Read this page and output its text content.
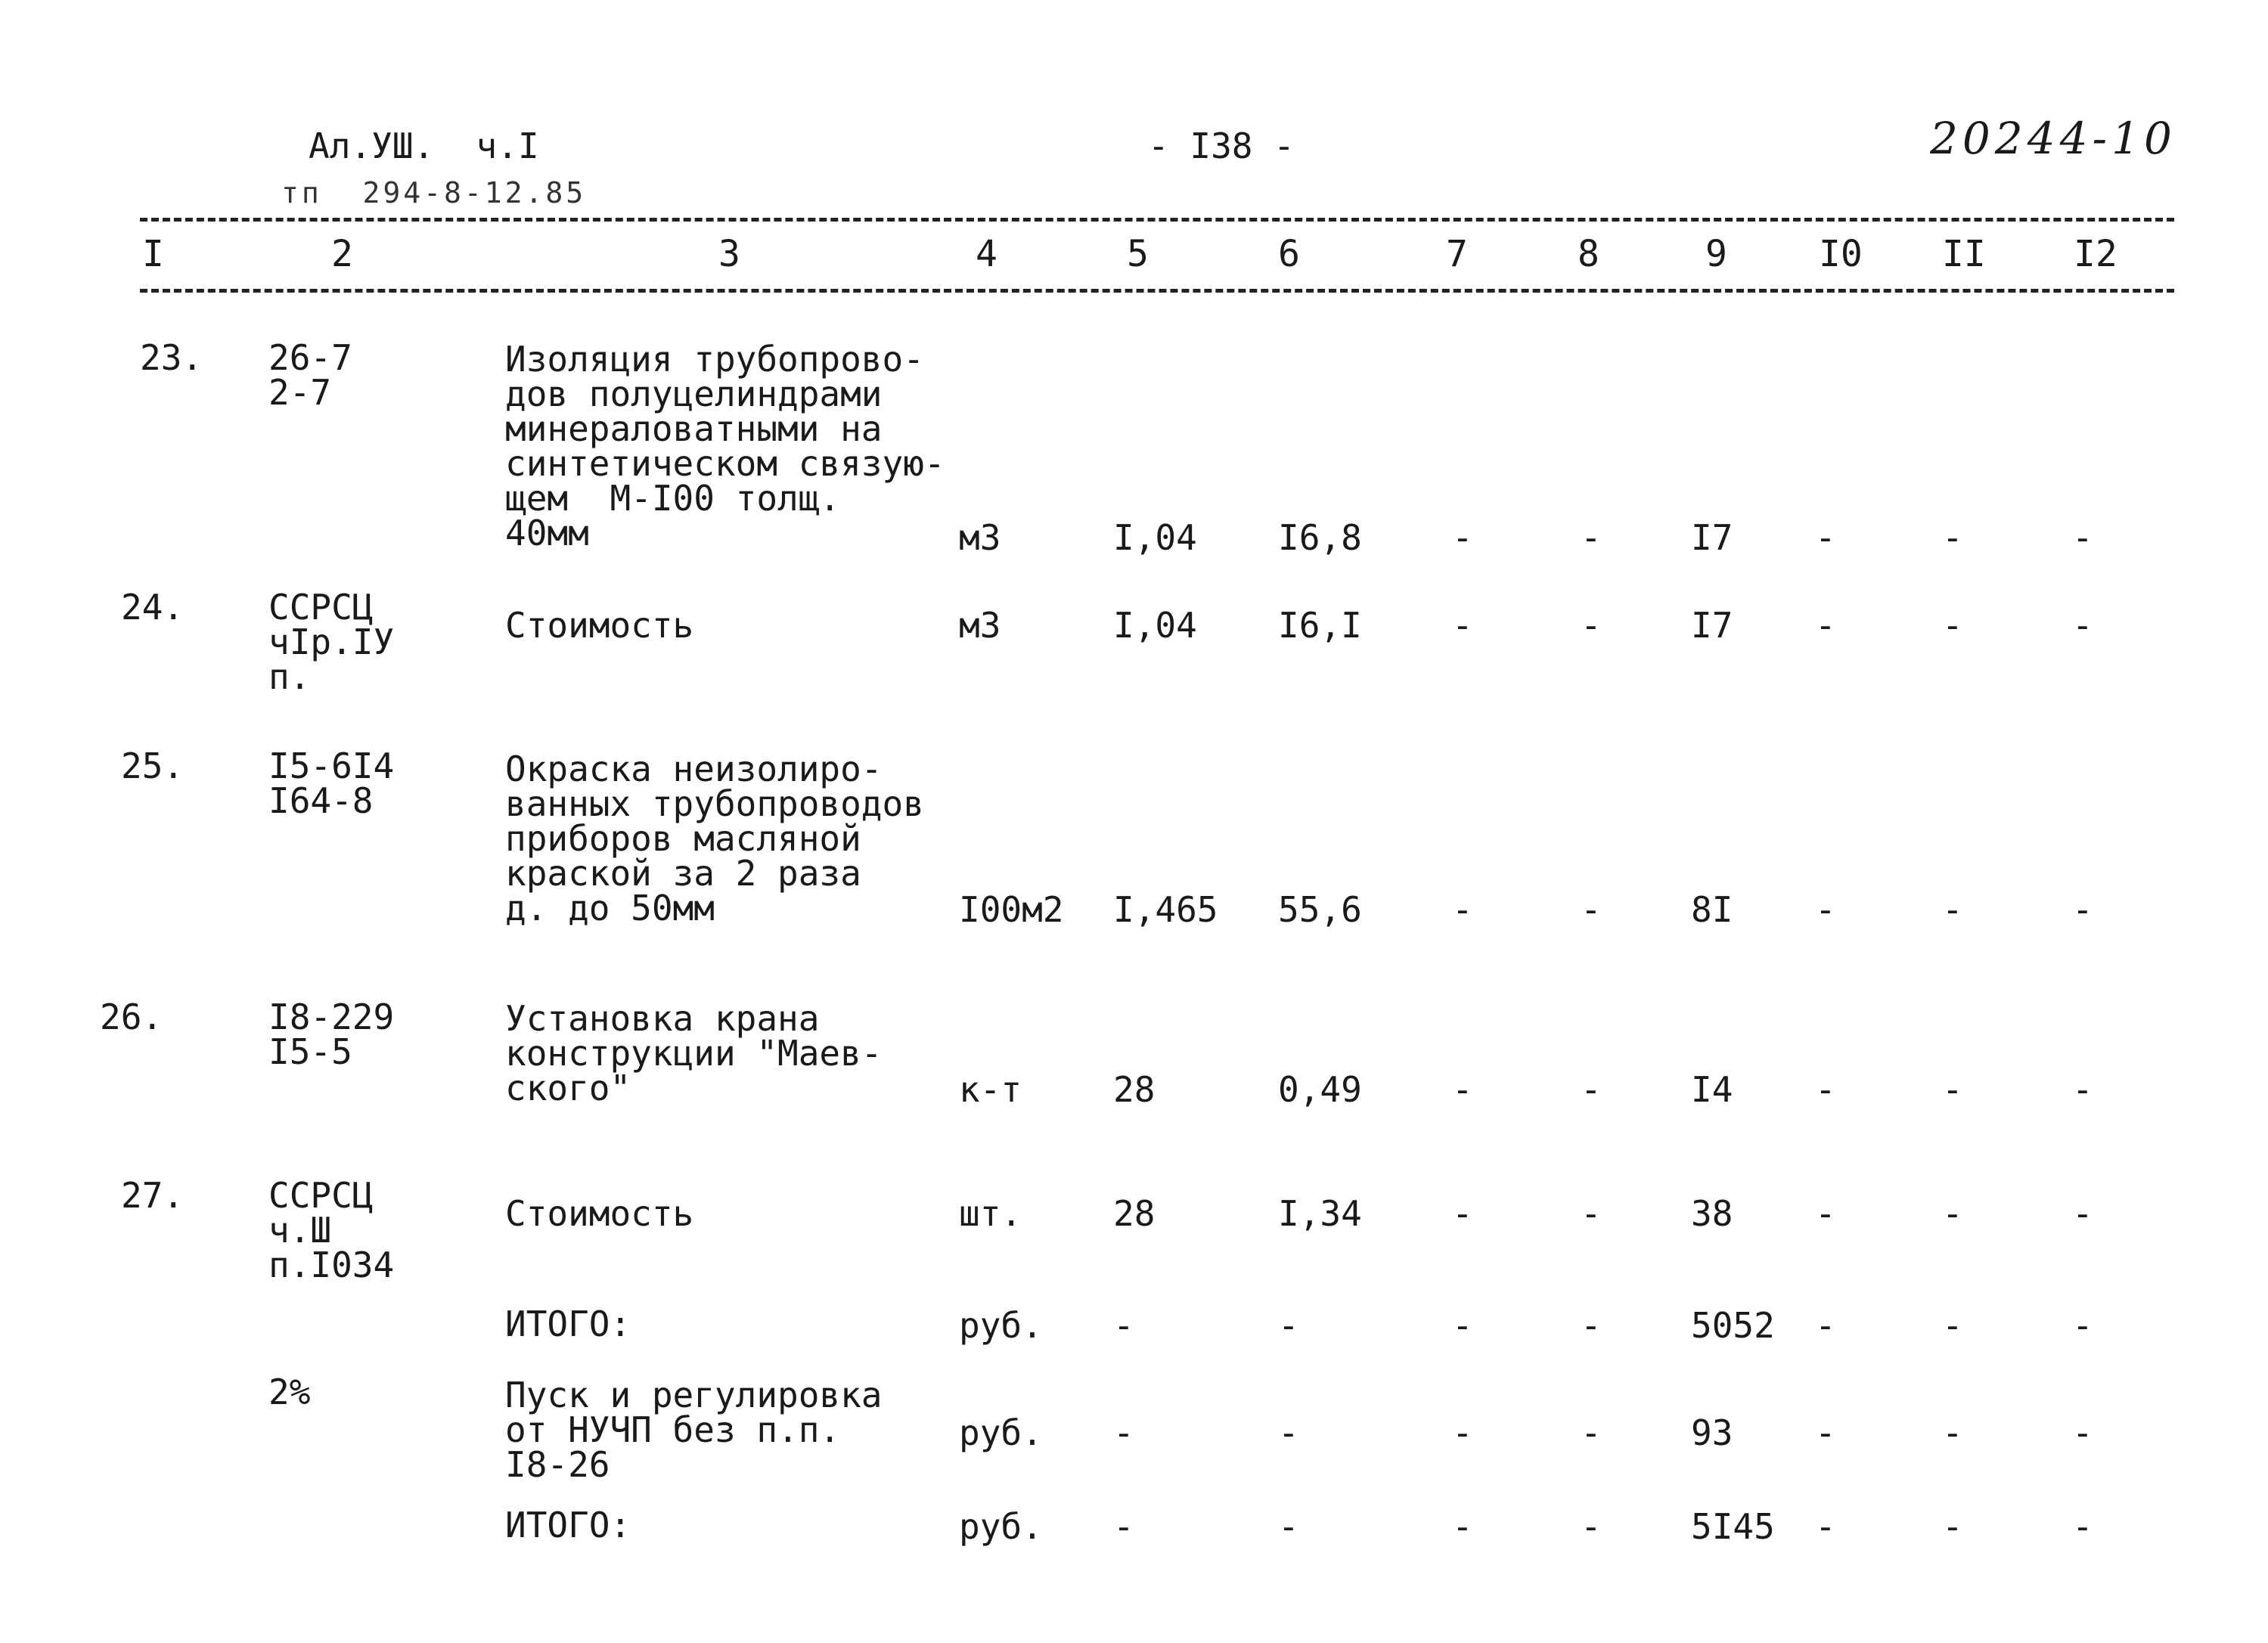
Ал.УШ.  ч.I
тп  294-8-12.85
- I38 -	20244-10
I	2	3	4	5	6	7	8	9	I0 II I2
23. 26-7
2-7
Изоляция трубопрово-
дов полуцелиндрами
минераловатными на
синтетическом связую-
щем  М-I00 толщ.
40мм	м3	I,04 I6,8	-	-	I7 -	-	-
24. ССРСЦ
чIр.IУ
п.
Стоимость	м3	I,04 I6,I	-	-	I7 -	-	-
25. I5-6I4
I64-8
Окраска неизолиро-
ванных трубопроводов
приборов масляной
краской за 2 раза
д. до 50мм	I00м2 I,465 55,6	-	-	8I -	-	-
26.	I8-229
I5-5
Установка крана
конструкции "Маев-
ского"	к-т	28	0,49	-	-	I4 -	-	-
27. ССРСЦ
ч.Ш
п.I034
Стоимость	шт.	28	I,34	-	-	38 -	-	-
ИТОГО:	руб. -	-	-	-	5052 -	-	-
2%	Пуск и регулировка
от НУЧП без п.п.
I8-26
руб. -	-	-	-	93 -	-	-
ИТОГО:	руб. -	-	-	-	5I45 -	-	-
